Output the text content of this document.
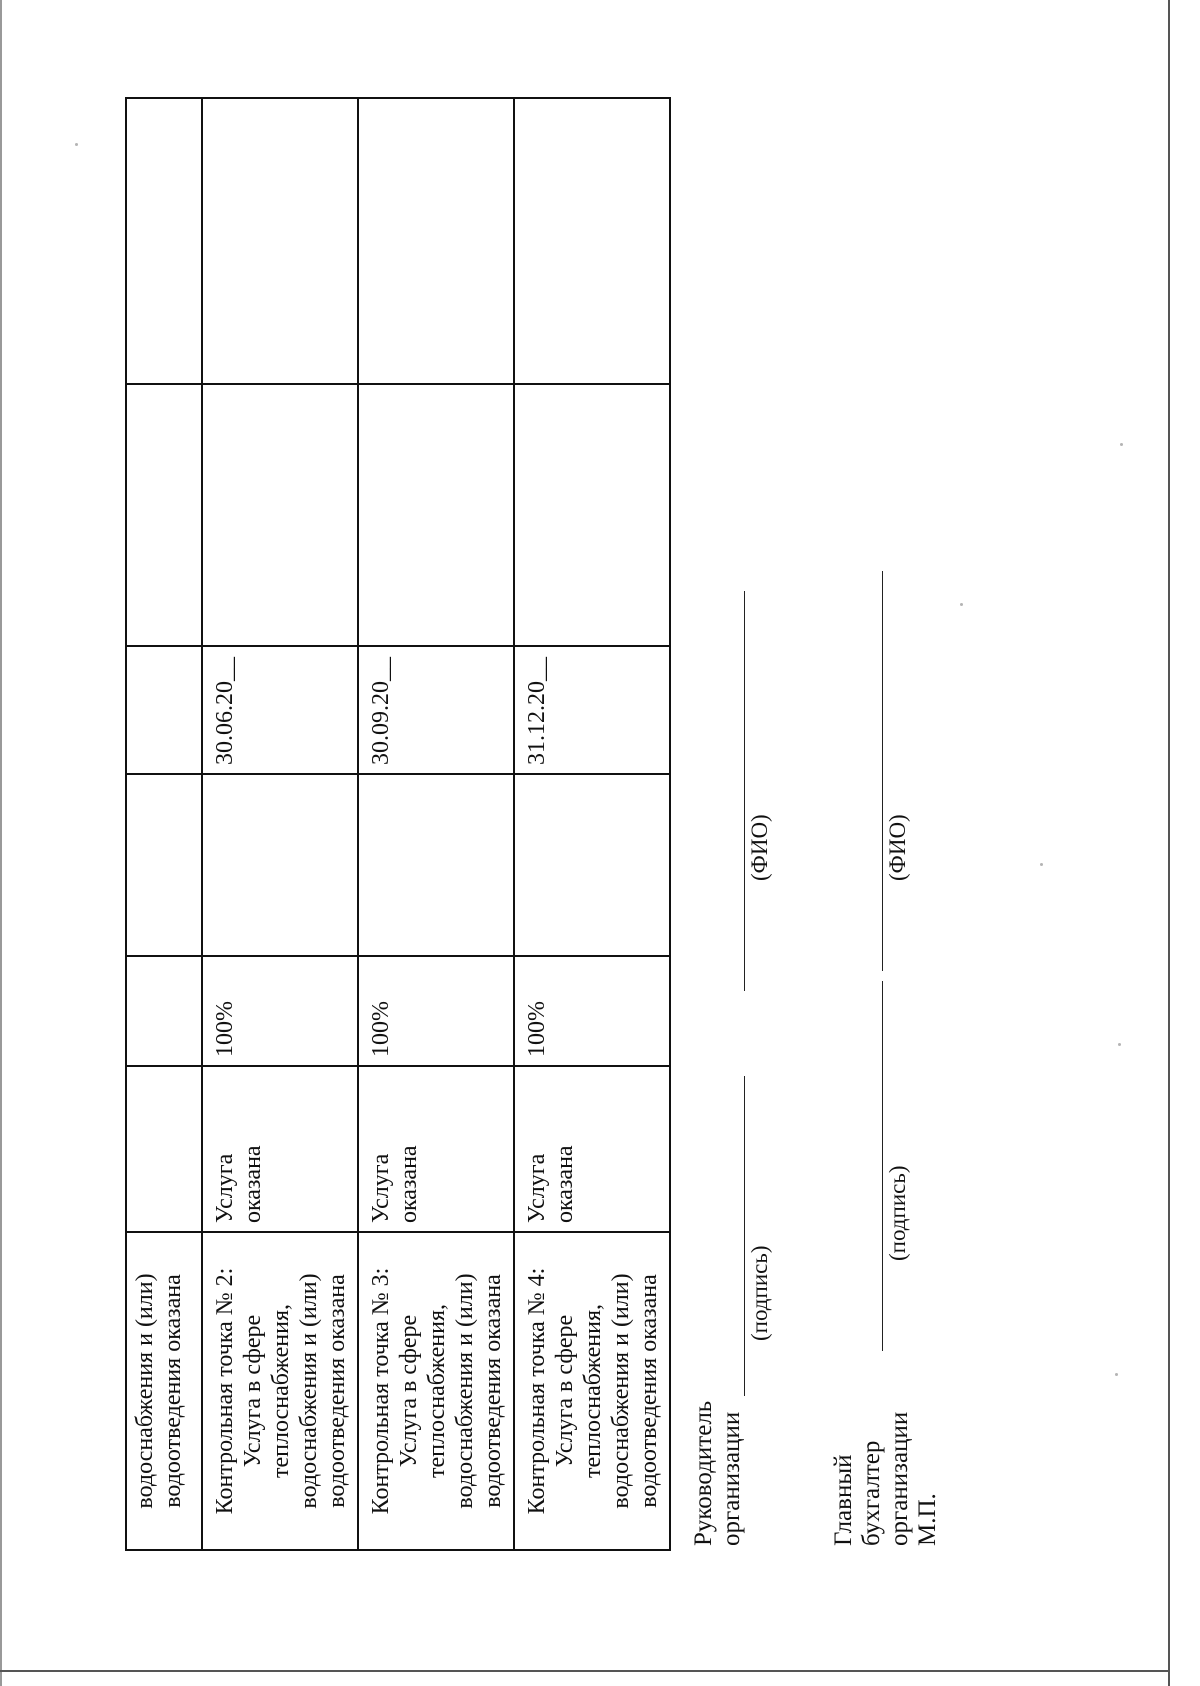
водоснабжения и (или) водоотведения оказана						

Контрольная точка № 2: Услуга в сфере теплоснабжения, водоснабжения и (или) водоотведения оказана	Услуга оказана	100%		30.06.20__		

Контрольная точка № 3: Услуга в сфере теплоснабжения, водоснабжения и (или) водоотведения оказана	Услуга оказана	100%		30.09.20__		

Контрольная точка № 4: Услуга в сфере теплоснабжения, водоснабжения и (или) водоотведения оказана	Услуга оказана	100%		31.12.20__		
Руководитель организации
(подпись)
(ФИО)
Главный бухгалтер организации М.П.
(подпись)
(ФИО)
